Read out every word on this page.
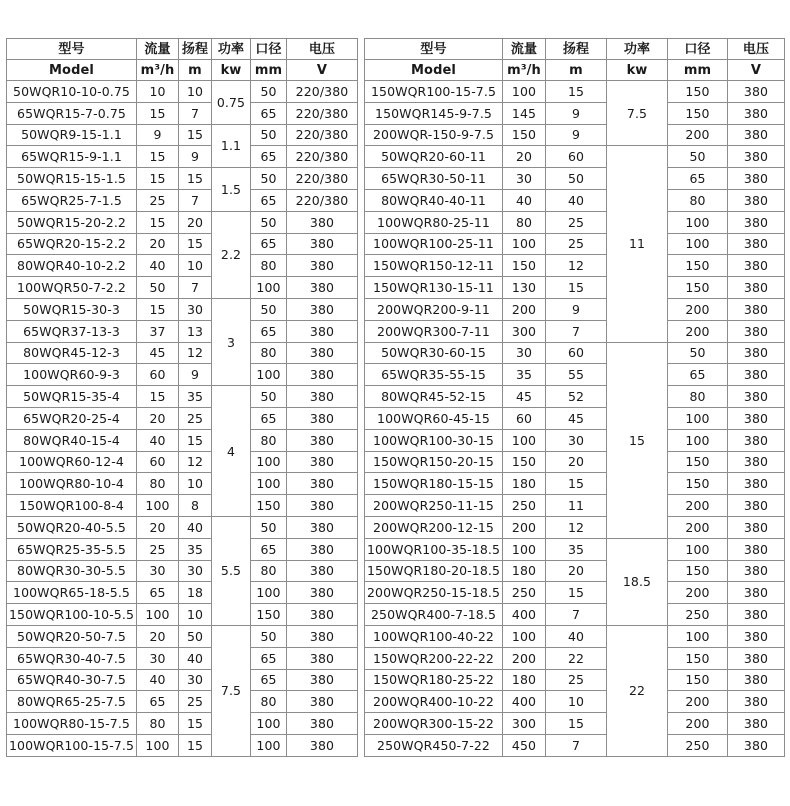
型号	流量	扬程	功率	口径	电压
Model	m³/h	m	kw	mm	V
50WQR10-10-0.75	10	10	0.75	50	220/380
65WQR15-7-0.75	15	7		65	220/380
50WQR9-15-1.1	9	15	1.1	50	220/380
65WQR15-9-1.1	15	9		65	220/380
50WQR15-15-1.5	15	15	1.5	50	220/380
65WQR25-7-1.5	25	7		65	220/380
50WQR15-20-2.2	15	20	2.2	50	380
65WQR20-15-2.2	20	15		65	380
80WQR40-10-2.2	40	10		80	380
100WQR50-7-2.2	50	7		100	380
50WQR15-30-3	15	30	3	50	380
65WQR37-13-3	37	13		65	380
80WQR45-12-3	45	12		80	380
100WQR60-9-3	60	9		100	380
50WQR15-35-4	15	35	4	50	380
65WQR20-25-4	20	25		65	380
80WQR40-15-4	40	15		80	380
100WQR60-12-4	60	12		100	380
100WQR80-10-4	80	10		100	380
150WQR100-8-4	100	8		150	380
50WQR20-40-5.5	20	40	5.5	50	380
65WQR25-35-5.5	25	35		65	380
80WQR30-30-5.5	30	30		80	380
100WQR65-18-5.5	65	18		100	380
150WQR100-10-5.5	100	10		150	380
50WQR20-50-7.5	20	50	7.5	50	380
65WQR30-40-7.5	30	40		65	380
65WQR40-30-7.5	40	30		65	380
80WQR65-25-7.5	65	25		80	380
100WQR80-15-7.5	80	15		100	380
100WQR100-15-7.5	100	15		100	380
型号	流量	扬程	功率	口径	电压
Model	m³/h	m	kw	mm	V
150WQR100-15-7.5	100	15	7.5	150	380
150WQR145-9-7.5	145	9		150	380
200WQR-150-9-7.5	150	9		200	380
50WQR20-60-11	20	60	11	50	380
65WQR30-50-11	30	50		65	380
80WQR40-40-11	40	40		80	380
100WQR80-25-11	80	25		100	380
100WQR100-25-11	100	25		100	380
150WQR150-12-11	150	12		150	380
150WQR130-15-11	130	15		150	380
200WQR200-9-11	200	9		200	380
200WQR300-7-11	300	7		200	380
50WQR30-60-15	30	60	15	50	380
65WQR35-55-15	35	55		65	380
80WQR45-52-15	45	52		80	380
100WQR60-45-15	60	45		100	380
100WQR100-30-15	100	30		100	380
150WQR150-20-15	150	20		150	380
150WQR180-15-15	180	15		150	380
200WQR250-11-15	250	11		200	380
200WQR200-12-15	200	12		200	380
100WQR100-35-18.5	100	35	18.5	100	380
150WQR180-20-18.5	180	20		150	380
200WQR250-15-18.5	250	15		200	380
250WQR400-7-18.5	400	7		250	380
100WQR100-40-22	100	40	22	100	380
150WQR200-22-22	200	22		150	380
150WQR180-25-22	180	25		150	380
200WQR400-10-22	400	10		200	380
200WQR300-15-22	300	15		200	380
250WQR450-7-22	450	7		250	380
